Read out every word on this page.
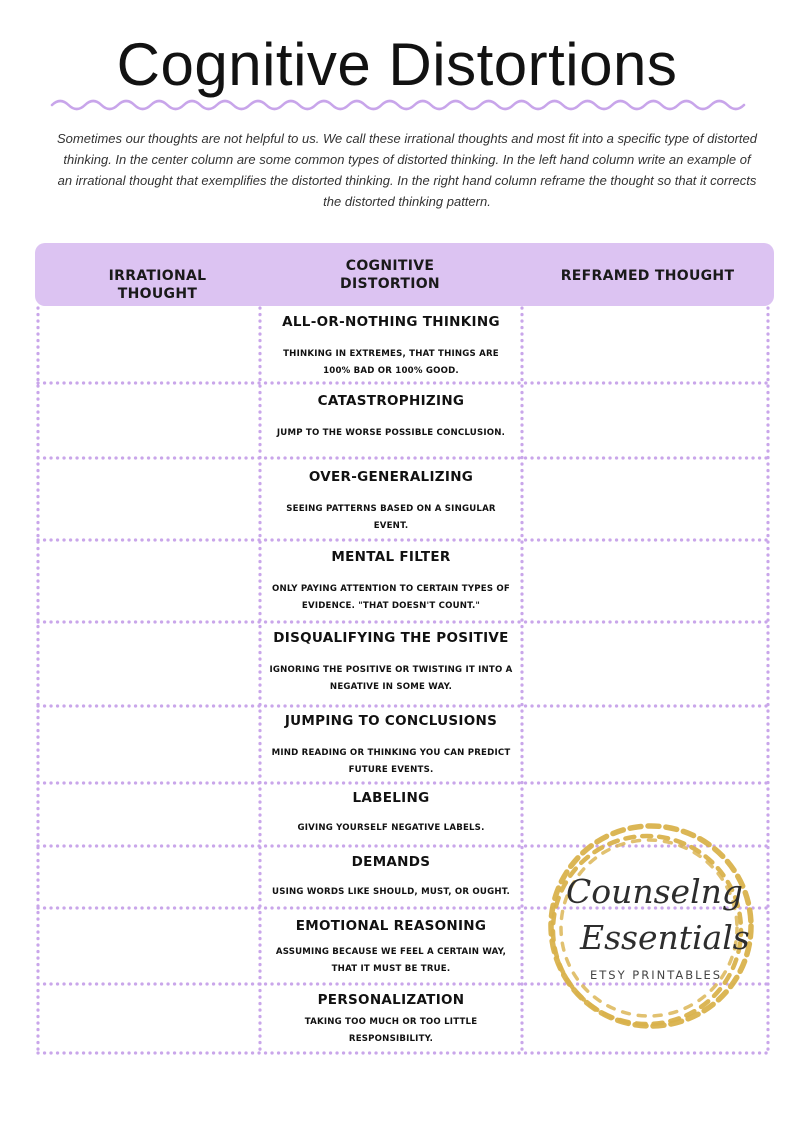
Cognitive Distortions

Sometimes our thoughts are not helpful to us. We call these irrational thoughts and most fit into a specific type of distorted thinking. In the center column are some common types of distorted thinking. In the left hand column write an example of an irrational thought that exemplifies the distorted thinking. In the right hand column reframe the thought so that it corrects the distorted thinking pattern.

IRRATIONAL THOUGHT
COGNITIVE DISTORTION	REFRAMED THOUGHT
ALL-OR-NOTHING THINKING
THINKING IN EXTREMES, THAT THINGS ARE 100% BAD OR 100% GOOD.
CATASTROPHIZING
JUMP TO THE WORSE POSSIBLE CONCLUSION.
OVER-GENERALIZING
SEEING PATTERNS BASED ON A SINGULAR EVENT.
MENTAL FILTER
ONLY PAYING ATTENTION TO CERTAIN TYPES OF EVIDENCE. "THAT DOESN'T COUNT."
DISQUALIFYING THE POSITIVE
IGNORING THE POSITIVE OR TWISTING IT INTO A NEGATIVE IN SOME WAY.
JUMPING TO CONCLUSIONS
MIND READING OR THINKING YOU CAN PREDICT FUTURE EVENTS.
LABELING
GIVING YOURSELF NEGATIVE LABELS.
DEMANDS
USING WORDS LIKE SHOULD, MUST, OR OUGHT.
EMOTIONAL REASONING
ASSUMING BECAUSE WE FEEL A CERTAIN WAY, THAT IT MUST BE TRUE.
PERSONALIZATION
TAKING TOO MUCH OR TOO LITTLE RESPONSIBILITY.
Counselng
Essentials
ETSY PRINTABLES
